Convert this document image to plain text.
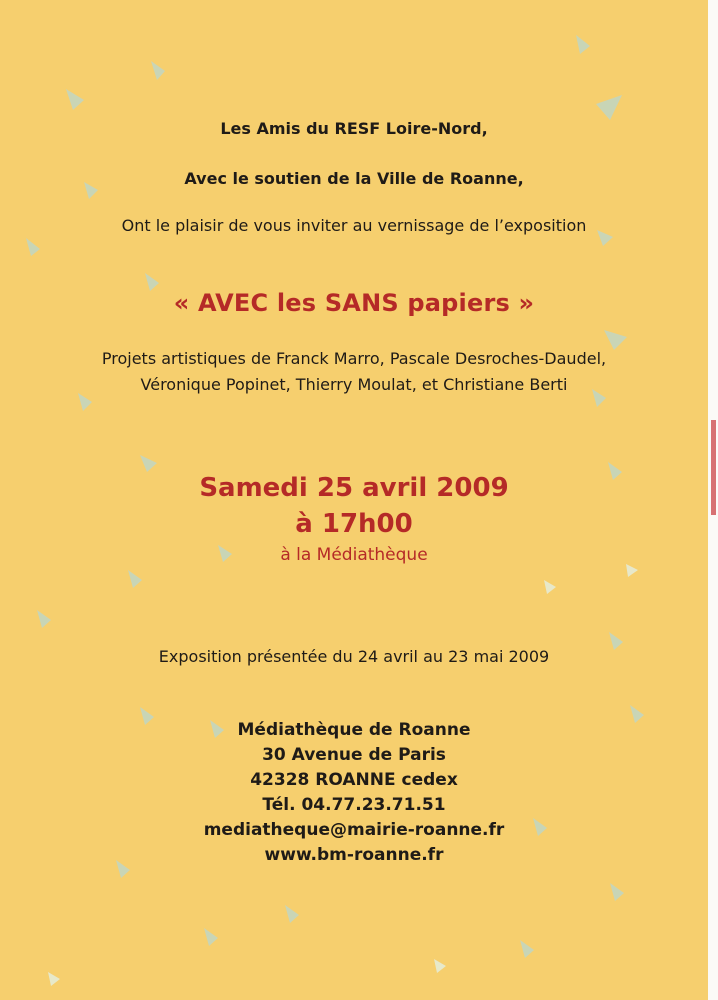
Les Amis du RESF Loire-Nord,
Avec le soutien de la Ville de Roanne,
Ont le plaisir de vous inviter au vernissage de l’exposition
« AVEC les SANS papiers »
Projets artistiques de Franck Marro, Pascale Desroches-Daudel,
Véronique Popinet, Thierry Moulat, et Christiane Berti
Samedi 25 avril 2009
à 17h00
à la Médiathèque
Exposition présentée du 24 avril au 23 mai 2009
Médiathèque de Roanne
30 Avenue de Paris
42328 ROANNE cedex
Tél. 04.77.23.71.51
mediatheque@mairie-roanne.fr
www.bm-roanne.fr
